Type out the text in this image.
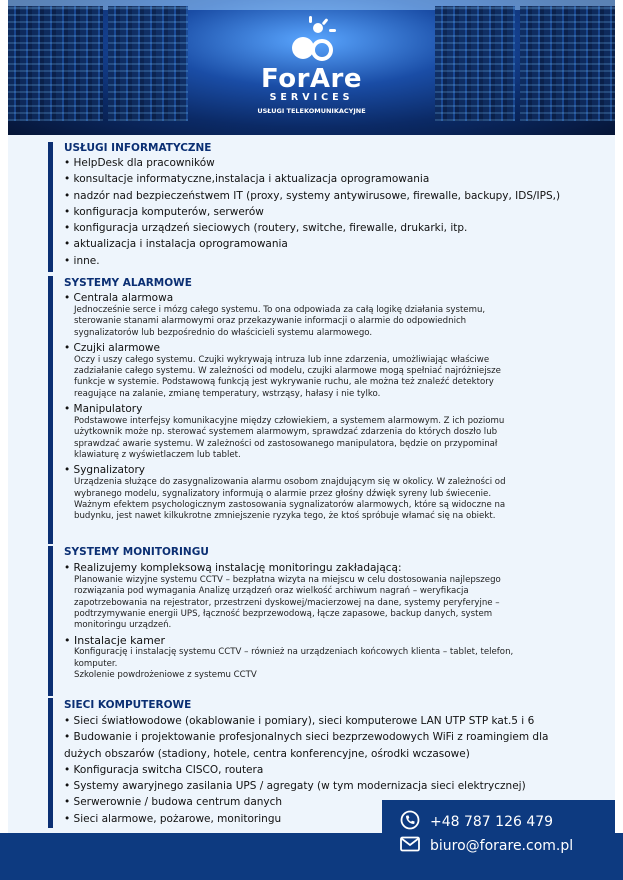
ForAre
SERVICES
USŁUGI TELEKOMUNIKACYJNE
USŁUGI INFORMATYCZNE
• HelpDesk dla pracowników
• konsultacje informatyczne,instalacja i aktualizacja oprogramowania
• nadzór nad bezpieczeństwem IT (proxy, systemy antywirusowe, firewalle, backupy, IDS/IPS,)
• konfiguracja komputerów, serwerów
• konfiguracja urządzeń sieciowych (routery, switche, firewalle, drukarki, itp.
• aktualizacja i instalacja oprogramowania
• inne.
SYSTEMY ALARMOWE
• Centrala alarmowa
Jednocześnie serce i mózg całego systemu. To ona odpowiada za całą logikę działania systemu,
sterowanie stanami alarmowymi oraz przekazywanie informacji o alarmie do odpowiednich
sygnalizatorów lub bezpośrednio do właścicieli systemu alarmowego.
• Czujki alarmowe
Oczy i uszy całego systemu. Czujki wykrywają intruza lub inne zdarzenia, umożliwiając właściwe
zadziałanie całego systemu. W zależności od modelu, czujki alarmowe mogą spełniać najróżniejsze
funkcje w systemie. Podstawową funkcją jest wykrywanie ruchu, ale można też znaleźć detektory
reagujące na zalanie, zmianę temperatury, wstrząsy, hałasy i nie tylko.
• Manipulatory
Podstawowe interfejsy komunikacyjne między człowiekiem, a systemem alarmowym. Z ich poziomu
użytkownik może np. sterować systemem alarmowym, sprawdzać zdarzenia do których doszło lub
sprawdzać awarie systemu. W zależności od zastosowanego manipulatora, będzie on przypominał
klawiaturę z wyświetlaczem lub tablet.
• Sygnalizatory
Urządzenia służące do zasygnalizowania alarmu osobom znajdującym się w okolicy. W zależności od
wybranego modelu, sygnalizatory informują o alarmie przez głośny dźwięk syreny lub świecenie.
Ważnym efektem psychologicznym zastosowania sygnalizatorów alarmowych, które są widoczne na
budynku, jest nawet kilkukrotne zmniejszenie ryzyka tego, że ktoś spróbuje włamać się na obiekt.
SYSTEMY MONITORINGU
• Realizujemy kompleksową instalację monitoringu zakładającą:
Planowanie wizyjne systemu CCTV – bezpłatna wizyta na miejscu w celu dostosowania najlepszego
rozwiązania pod wymagania Analizę urządzeń oraz wielkość archiwum nagrań – weryfikacja
zapotrzebowania na rejestrator, przestrzeni dyskowej/macierzowej na dane, systemy peryferyjne –
podtrzymywanie energii UPS, łączność bezprzewodową, łącze zapasowe, backup danych, system
monitoringu urządzeń.
• Instalacje kamer
Konfigurację i instalację systemu CCTV – również na urządzeniach końcowych klienta – tablet, telefon,
komputer.
Szkolenie powdrożeniowe z systemu CCTV
SIECI KOMPUTEROWE
• Sieci światłowodowe (okablowanie i pomiary), sieci komputerowe LAN UTP STP kat.5 i 6
• Budowanie i projektowanie profesjonalnych sieci bezprzewodowych WiFi z roamingiem dla
dużych obszarów (stadiony, hotele, centra konferencyjne, ośrodki wczasowe)
• Konfiguracja switcha CISCO, routera
• Systemy awaryjnego zasilania UPS / agregaty (w tym modernizacja sieci elektrycznej)
• Serwerownie / budowa centrum danych
• Sieci alarmowe, pożarowe, monitoringu	+48 787 126 479
biuro@forare.com.pl
